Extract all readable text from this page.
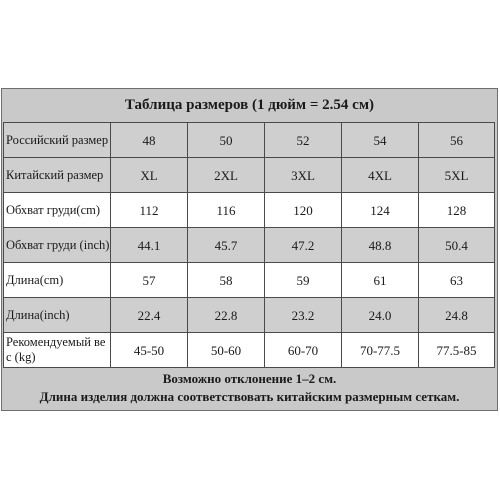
Таблица размеров (1 дюйм = 2.54 см)
Российский размер	48	50	52	54	56
Китайский размер	XL	2XL	3XL	4XL	5XL
Обхват груди(cm)	112	116	120	124	128
Обхват груди (inch)	44.1	45.7	47.2	48.8	50.4
Длина(cm)	57	58	59	61	63
Длина(inch)	22.4	22.8	23.2	24.0	24.8
Рекомендуемый вес (kg)	45-50	50-60	60-70	70-77.5	77.5-85
Возможно отклонение 1–2 см.
Длина изделия должна соответствовать китайским размерным сеткам.
